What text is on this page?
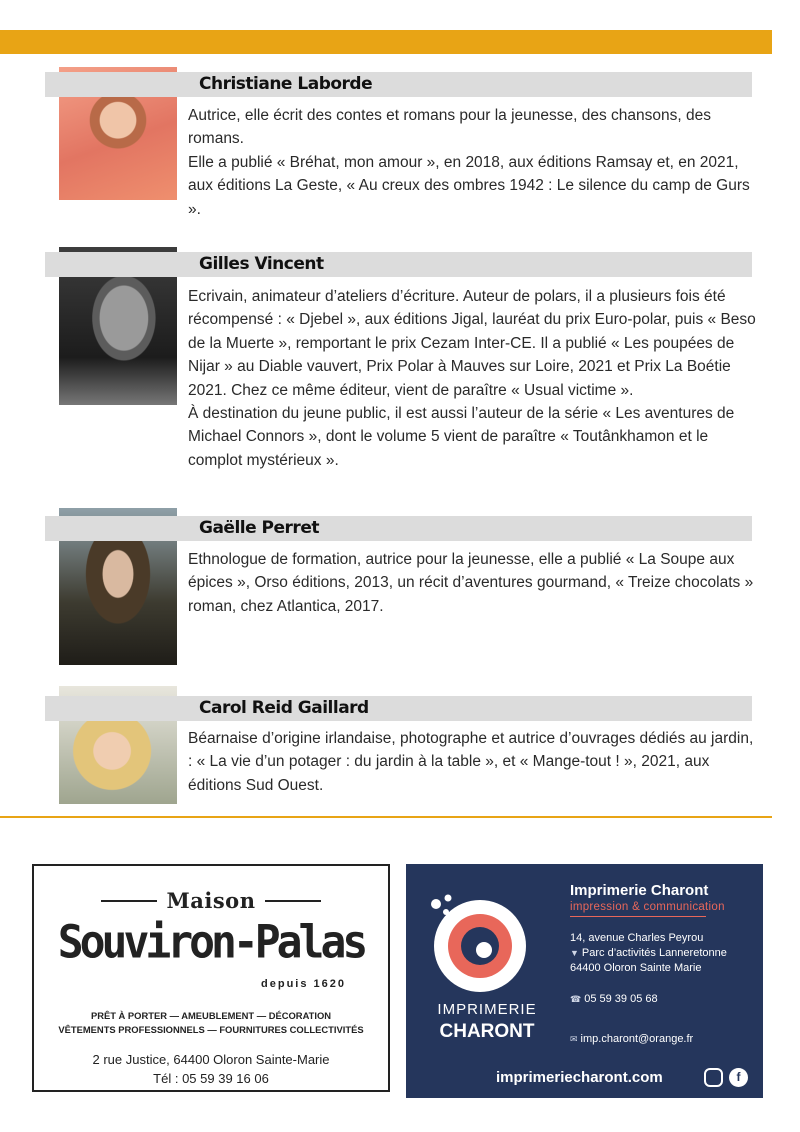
Christiane Laborde

Autrice, elle écrit des contes et romans pour la jeunesse, des chansons, des romans.

Elle a publié « Bréhat, mon amour », en 2018, aux éditions Ramsay et, en 2021, aux éditions La Geste, « Au creux des ombres 1942 : Le silence du camp de Gurs ».

Gilles Vincent

Ecrivain, animateur d’ateliers d’écriture. Auteur de polars, il a plusieurs fois été récompensé : « Djebel », aux éditions Jigal, lauréat du prix Euro-polar, puis « Beso de la Muerte », remportant le prix Cezam Inter-CE. Il a publié « Les poupées de Nijar » au Diable vauvert, Prix Polar à Mauves sur Loire, 2021 et Prix La Boétie 2021. Chez ce même éditeur, vient de paraître « Usual victime ».

À destination du jeune public, il est aussi l’auteur de la série « Les aventures de Michael Connors », dont le volume 5 vient de paraître « Toutânkhamon et le complot mystérieux ».

Gaëlle Perret

Ethnologue de formation, autrice pour la jeunesse, elle a publié « La Soupe aux épices », Orso éditions, 2013, un récit d’aventures gourmand, « Treize chocolats » roman, chez Atlantica, 2017.

Carol Reid Gaillard

Béarnaise d’origine irlandaise, photographe et autrice d’ouvrages dédiés au jardin, : « La vie d’un potager : du jardin à la table », et « Mange-tout ! », 2021, aux éditions Sud Ouest.

Maison
Souviron-Palas
depuis 1620
PRÊT À PORTER — AMEUBLEMENT — DÉCORATION
VÊTEMENTS PROFESSIONNELS — FOURNITURES COLLECTIVITÉS
2 rue Justice, 64400 Oloron Sainte-Marie
Tél : 05 59 39 16 06
IMPRIMERIE
CHARONT
Imprimerie Charont
impression & communication
14, avenue Charles Peyrou
▼ Parc d’activités Lanneretonne
64400 Oloron Sainte Marie
☎ 05 59 39 05 68
✉ imp.charont@orange.fr
imprimeriecharont.com	f
